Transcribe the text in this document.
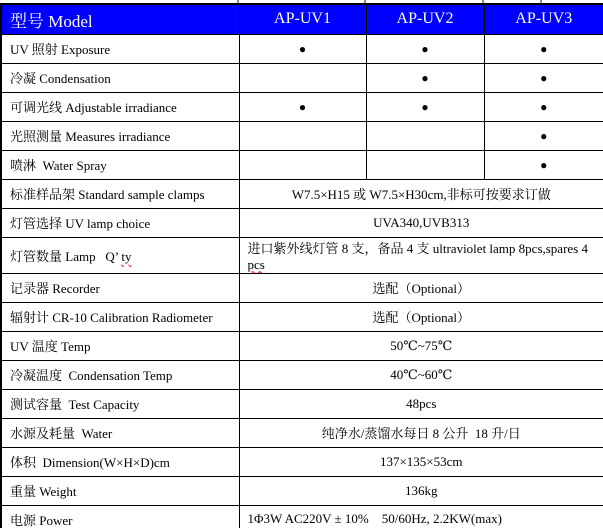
型号 Model	AP-UV1	AP-UV2	AP-UV3
UV 照射 Exposure	●	●	●
冷凝 Condensation		●	●
可调光线 Adjustable irradiance	●	●	●
光照测量 Measures irradiance			●
喷淋  Water Spray			●
标准样品架 Standard sample clamps	W7.5×H15 或 W7.5×H30cm,非标可按要求订做		
灯管选择 UV lamp choice	UVA340,UVB313		
灯管数量 Lamp   Q’ ty	进口紫外线灯管 8 支，备品 4 支 ultraviolet lamp 8pcs,spares 4 pcs		
记录器 Recorder	选配（Optional）		
辐射计 CR-10 Calibration Radiometer	选配（Optional）		
UV 温度 Temp	50℃~75℃		
冷凝温度  Condensation Temp	40℃~60℃		
测试容量  Test Capacity	48pcs		
水源及耗量  Water	纯净水/蒸馏水每日 8 公升  18 升/日		
体积  Dimension(W×H×D)cm	137×135×53cm		
重量 Weight	136kg		
电源 Power	1Φ3W AC220V ± 10%    50/60Hz, 2.2KW(max)		
